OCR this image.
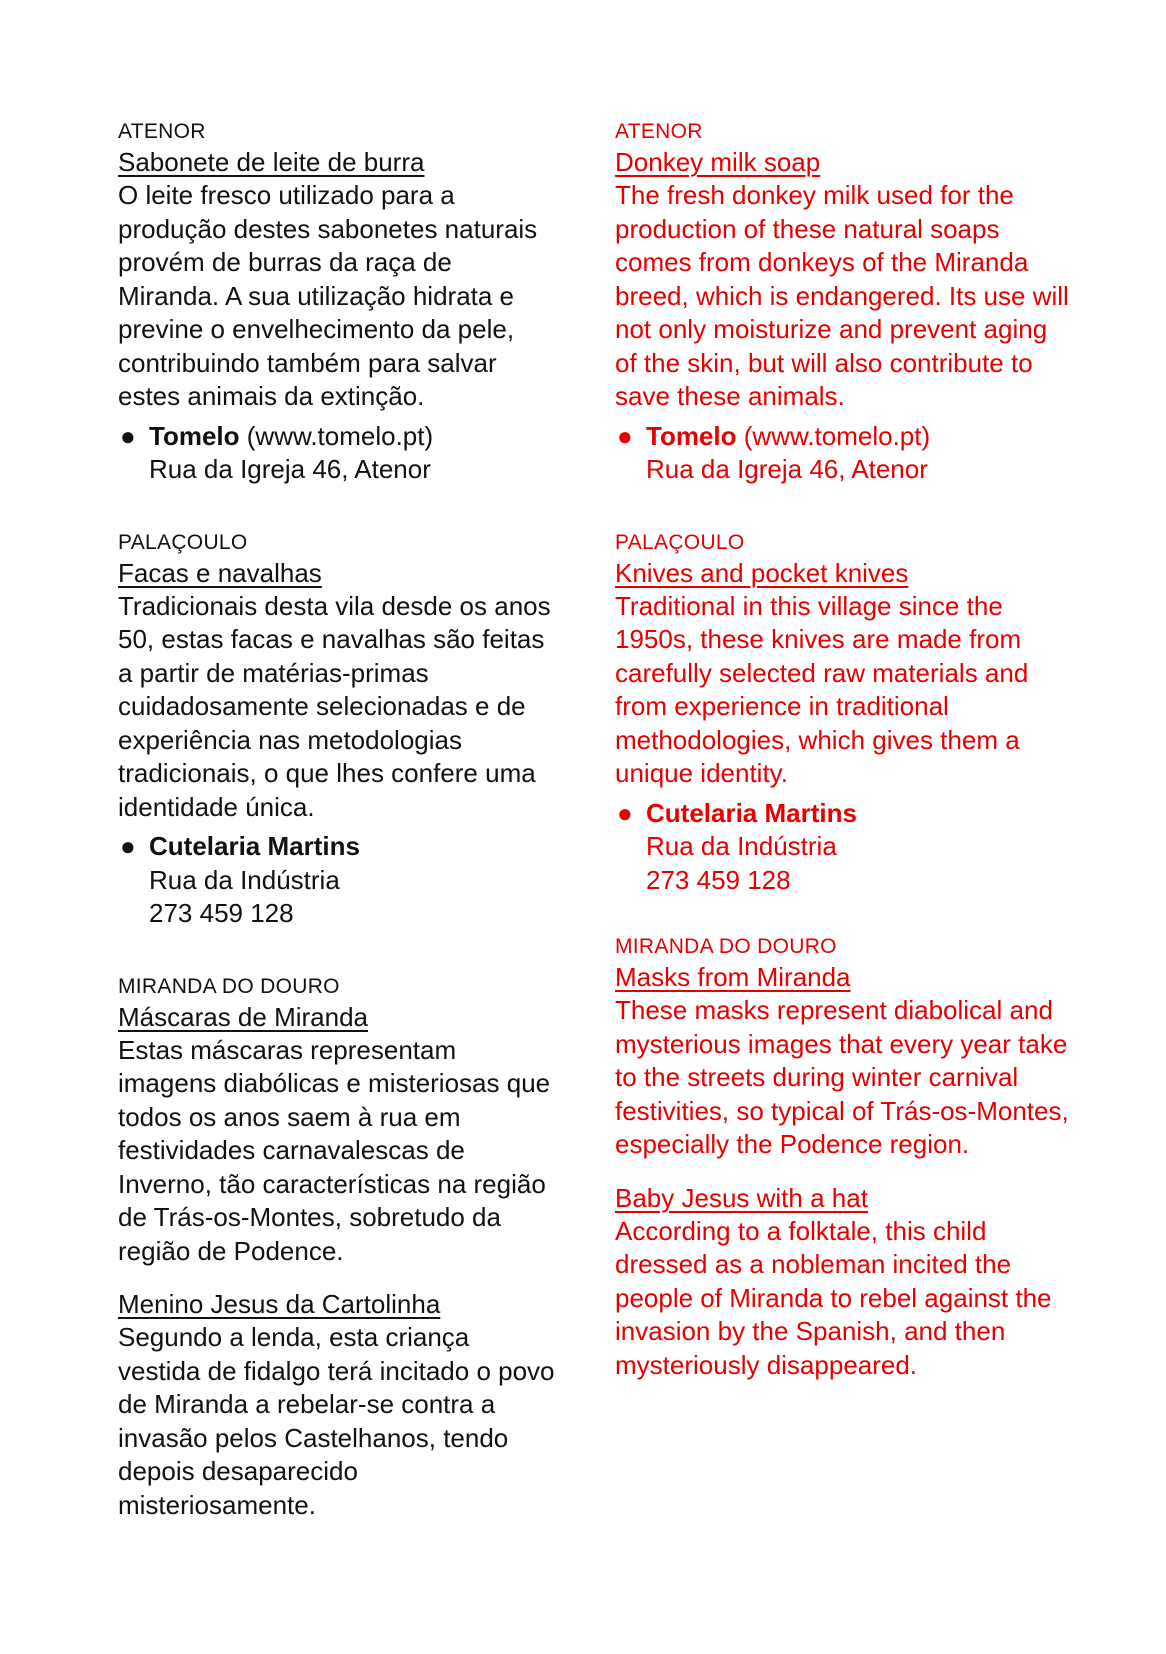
ATENOR

Sabonete de leite de burra

O leite fresco utilizado para a produção destes sabonetes naturais provém de burras da raça de Miranda. A sua utilização hidrata e previne o envelhecimento da pele, contribuindo também para salvar estes animais da extinção.

● Tomelo (www.tomelo.pt)
Rua da Igreja 46, Atenor

PALAÇOULO

Facas e navalhas

Tradicionais desta vila desde os anos 50, estas facas e navalhas são feitas a partir de matérias-primas cuidadosamente selecionadas e de experiência nas metodologias tradicionais, o que lhes confere uma identidade única.

● Cutelaria Martins
Rua da Indústria
273 459 128

MIRANDA DO DOURO

Máscaras de Miranda

Estas máscaras representam imagens diabólicas e misteriosas que todos os anos saem à rua em festividades carnavalescas de Inverno, tão características na região de Trás-os-Montes, sobretudo da região de Podence.

Menino Jesus da Cartolinha

Segundo a lenda, esta criança vestida de fidalgo terá incitado o povo de Miranda a rebelar-se contra a invasão pelos Castelhanos, tendo depois desaparecido misteriosamente.

ATENOR

Donkey milk soap

The fresh donkey milk used for the production of these natural soaps comes from donkeys of the Miranda breed, which is endangered. Its use will not only moisturize and prevent aging of the skin, but will also contribute to save these animals.

● Tomelo (www.tomelo.pt)
Rua da Igreja 46, Atenor

PALAÇOULO

Knives and pocket knives

Traditional in this village since the 1950s, these knives are made from carefully selected raw materials and from experience in traditional methodologies, which gives them a unique identity.

● Cutelaria Martins
Rua da Indústria
273 459 128

MIRANDA DO DOURO

Masks from Miranda

These masks represent diabolical and mysterious images that every year take to the streets during winter carnival festivities, so typical of Trás-os-Montes, especially the Podence region.

Baby Jesus with a hat

According to a folktale, this child dressed as a nobleman incited the people of Miranda to rebel against the invasion by the Spanish, and then mysteriously disappeared.
